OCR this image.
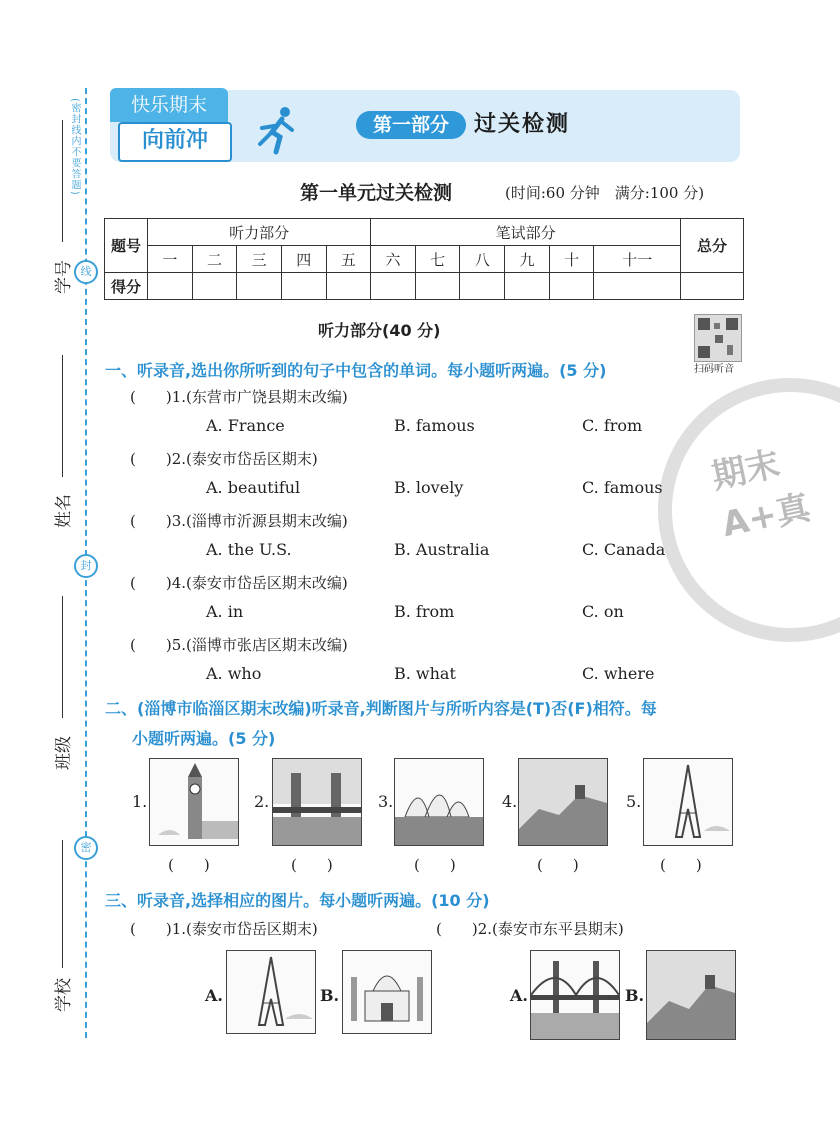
(密封线内不要答题)
线
封
密
学号
姓名
班级
学校
快乐期末
向前冲
第一部分	过关检测
第一单元过关检测	(时间:60 分钟　满分:100 分)
题号	听力部分					笔试部分						总分
	一	二	三	四	五	六	七	八	九	十	十一	
得分												
听力部分(40 分)
扫码听音
一、听录音,选出你所听到的句子中包含的单词。每小题听两遍。(5 分)
(　　)1.(东营市广饶县期末改编)
A. France	B. famous	C. from
(　　)2.(泰安市岱岳区期末)
A. beautiful	B. lovely	C. famous
(　　)3.(淄博市沂源县期末改编)
A. the U.S.	B. Australia	C. Canada
(　　)4.(泰安市岱岳区期末改编)
A. in	B. from	C. on
(　　)5.(淄博市张店区期末改编)
A. who	B. what	C. where
期末 A+真
二、(淄博市临淄区期末改编)听录音,判断图片与所听内容是(T)否(F)相符。每
小题听两遍。(5 分)
1.	2.	3.	4.	5.
(　　)	(　　)	(　　)	(　　)	(　　)
三、听录音,选择相应的图片。每小题听两遍。(10 分)
(　　)1.(泰安市岱岳区期末)	(　　)2.(泰安市东平县期末)
A.	B.	A.	B.
